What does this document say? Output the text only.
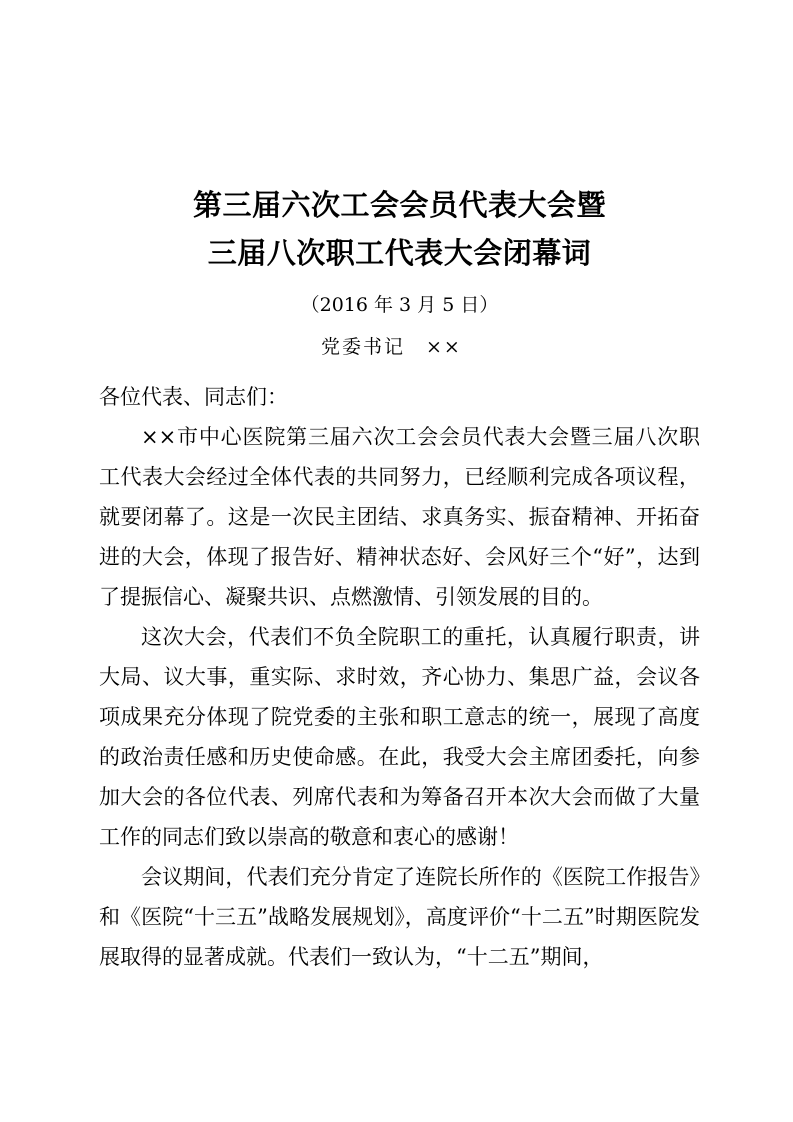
第三届六次工会会员代表大会暨
三届八次职工代表大会闭幕词
（2016 年 3 月 5 日）
党委书记　××
各位代表、同志们：

××市中心医院第三届六次工会会员代表大会暨三届八次职工代表大会经过全体代表的共同努力，已经顺利完成各项议程，就要闭幕了。这是一次民主团结、求真务实、振奋精神、开拓奋进的大会，体现了报告好、精神状态好、会风好三个“好”，达到了提振信心、凝聚共识、点燃激情、引领发展的目的。

这次大会，代表们不负全院职工的重托，认真履行职责，讲大局、议大事，重实际、求时效，齐心协力、集思广益，会议各项成果充分体现了院党委的主张和职工意志的统一，展现了高度的政治责任感和历史使命感。在此，我受大会主席团委托，向参加大会的各位代表、列席代表和为筹备召开本次大会而做了大量工作的同志们致以崇高的敬意和衷心的感谢！

会议期间，代表们充分肯定了连院长所作的《医院工作报告》和《医院“十三五”战略发展规划》，高度评价“十二五”时期医院发展取得的显著成就。代表们一致认为，“十二五”期间，
